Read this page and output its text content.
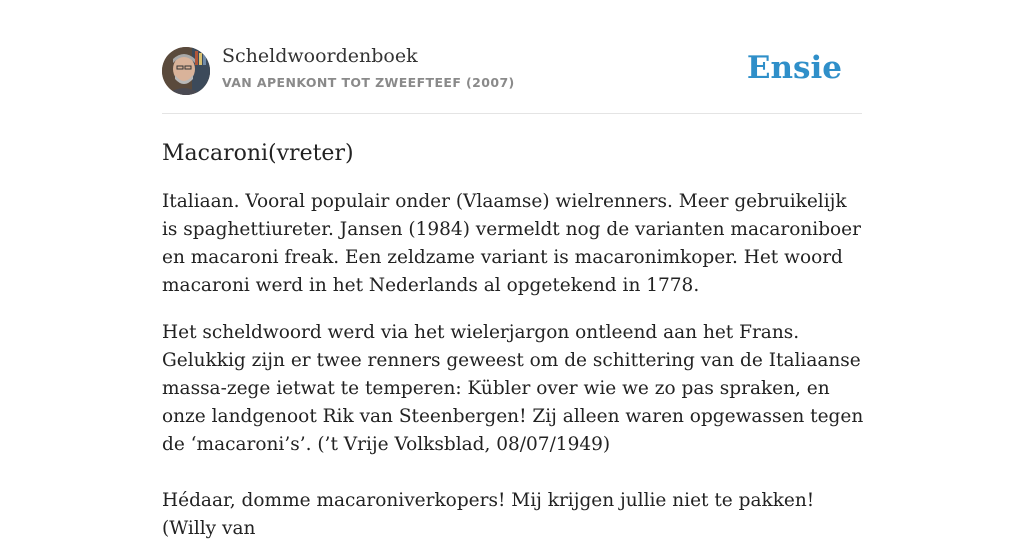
Scheldwoordenboek
VAN APENKONT TOT ZWEEFTEEF (2007)	Ensie
Macaroni(vreter)

Italiaan. Vooral populair onder (Vlaamse) wielrenners. Meer gebruikelijk is spaghettiureter. Jansen (1984) vermeldt nog de varianten macaroniboer en macaroni freak. Een zeldzame variant is macaronimkoper. Het woord macaroni werd in het Nederlands al opgetekend in 1778.

Het scheldwoord werd via het wielerjargon ontleend aan het Frans. Gelukkig zijn er twee renners geweest om de schittering van de Italiaanse massa-zege ietwat te temperen: Kübler over wie we zo pas spraken, en onze landgenoot Rik van Steenbergen! Zij alleen waren opgewassen tegen de ‘macaroni’s’. (’t Vrije Volksblad, 08/07/1949)

Hédaar, domme macaroniverkopers! Mij krijgen jullie niet te pakken! (Willy van
